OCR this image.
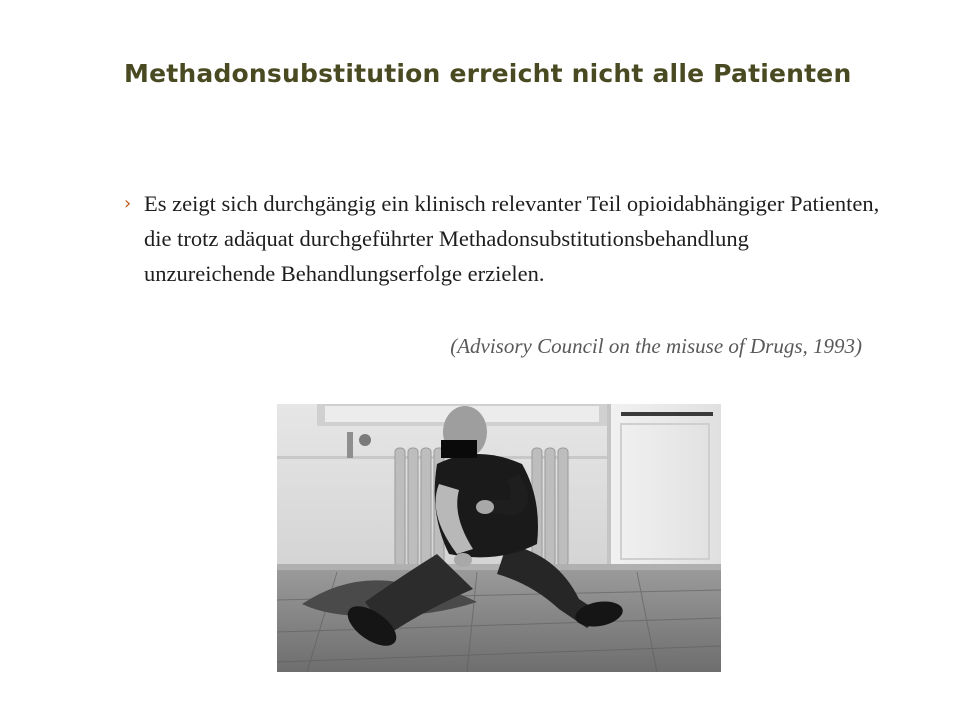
Methadonsubstitution erreicht nicht alle Patienten
› Es zeigt sich durchgängig ein klinisch relevanter Teil opioidabhängiger Patienten, die trotz adäquat durchgeführter Methadonsubstitutionsbehandlung unzureichende Behandlungserfolge erzielen.
(Advisory Council on the misuse of Drugs, 1993)
